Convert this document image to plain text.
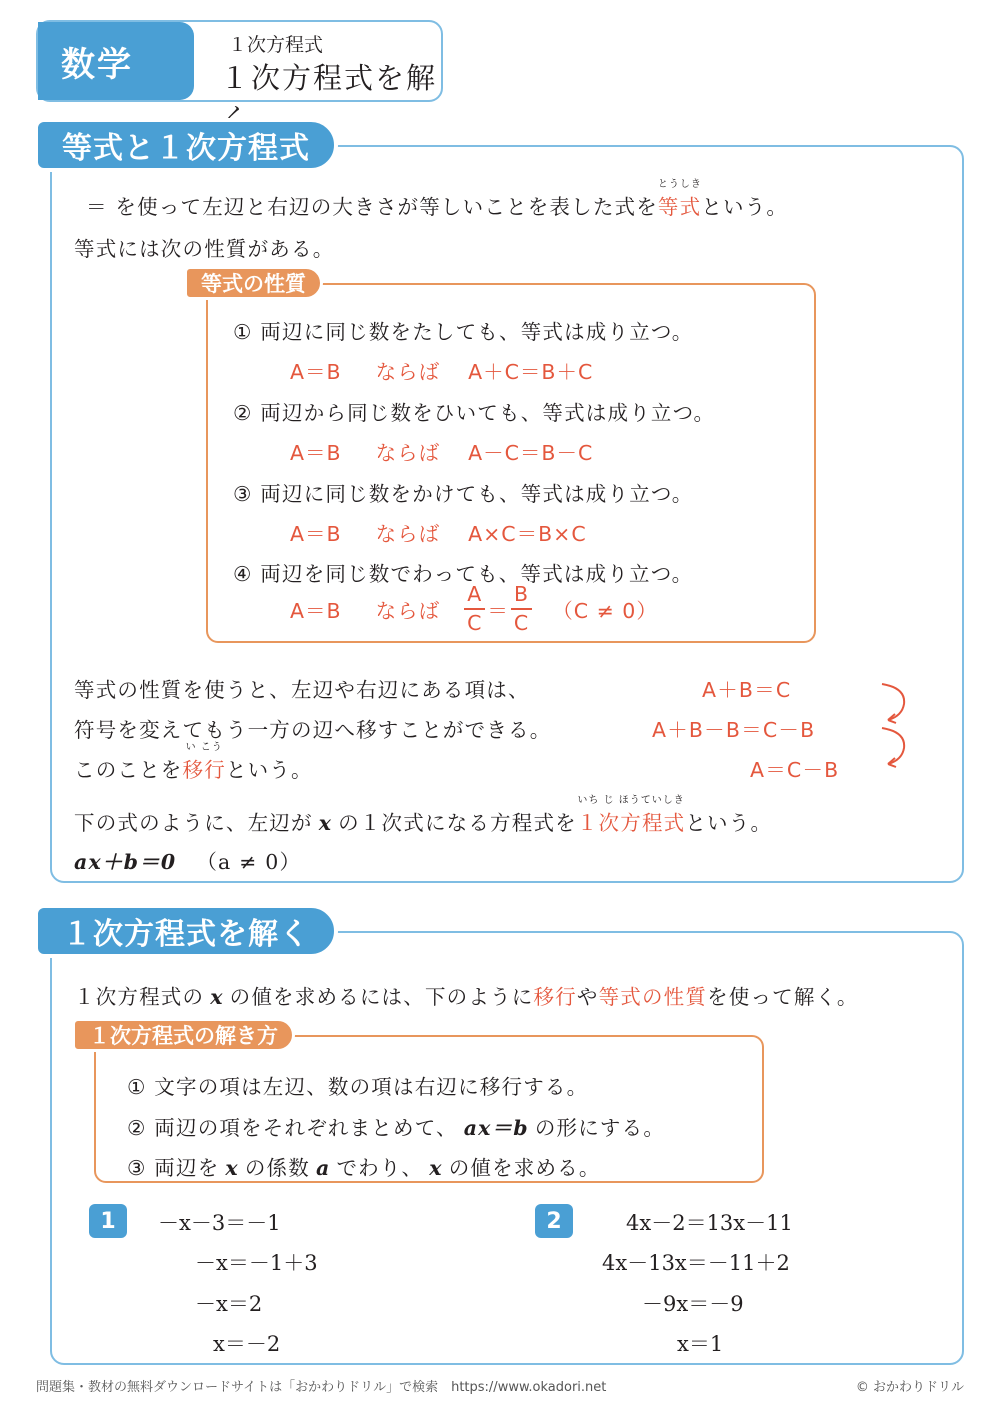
数学	１次方程式
１次方程式を解
等式と１次方程式
＝ を使って左辺と右辺の大きさが等しいことを表した式を
とうしき
等式という。
等式には次の性質がある。
等式の性質
① 両辺に同じ数をたしても、等式は成り立つ。
A＝B ならば A＋C＝B＋C
② 両辺から同じ数をひいても、等式は成り立つ。
A＝B ならば A－C＝B－C
③ 両辺に同じ数をかけても、等式は成り立つ。
A＝B ならば A×C＝B×C
④ 両辺を同じ数でわっても、等式は成り立つ。
A＝B ならば $\frac{A}{C} = \frac{B}{C} (C \ne 0)$
等式の性質を使うと、左辺や右辺にある項は、
符号を変えてもう一方の辺へ移すことができる。
このことを
い こう
移行という。
A＋B＝C
A＋B－B＝C－B
A＝C－B
下の式のように、左辺が x の１次式になる方程式を
いち じ ほうていしき
１次方程式という。
ax＋b＝0 （a ≠ 0）
１次方程式を解く
１次方程式の x の値を求めるには、下のように移行や等式の性質を使って解く。
１次方程式の解き方
① 文字の項は左辺、数の項は右辺に移行する。
② 両辺の項をそれぞれまとめて、 ax＝b の形にする。
③ 両辺を x の係数 a でわり、 x の値を求める。
1	－x－3＝－1
－x＝－1＋3
－x＝2
x＝－2
2	4x－2＝13x－11
4x－13x＝－11＋2
－9x＝－9
x＝1
問題集・教材の無料ダウンロードサイトは「おかわりドリル」で検索　https://www.okadori.net	© おかわりドリル
